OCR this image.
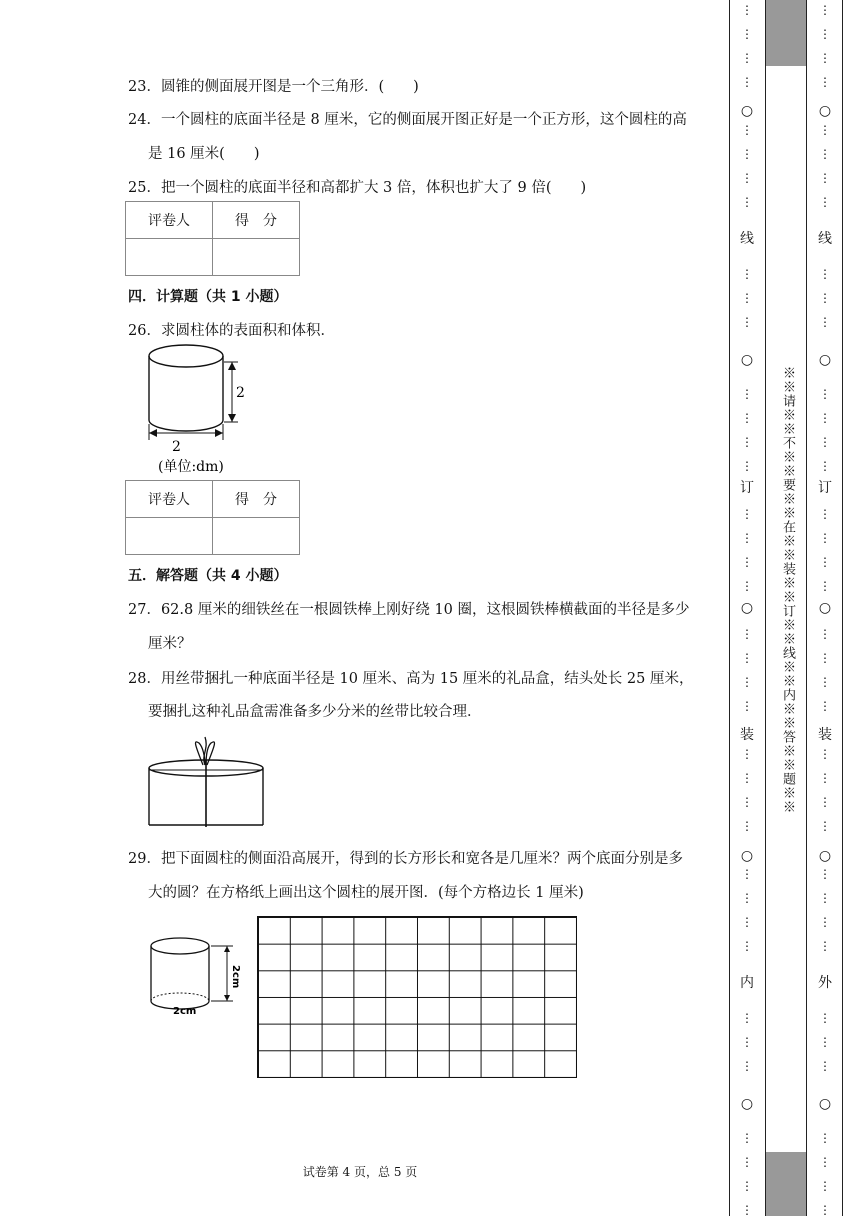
23．圆锥的侧面展开图是一个三角形．(　　)
24．一个圆柱的底面半径是 8 厘米，它的侧面展开图正好是一个正方形，这个圆柱的高
是 16 厘米(　　)
25．把一个圆柱的底面半径和高都扩大 3 倍，体积也扩大了 9 倍(　　)
评卷人	得　分

四．计算题（共 1 小题）
26．求圆柱体的表面积和体积．
2
2
(单位:dm)
评卷人	得　分

五．解答题（共 4 小题）
27．62.8 厘米的细铁丝在一根圆铁棒上刚好绕 10 圈，这根圆铁棒横截面的半径是多少
厘米？
28．用丝带捆扎一种底面半径是 10 厘米、高为 15 厘米的礼品盒，结头处长 25 厘米，
要捆扎这种礼品盒需准备多少分米的丝带比较合理．
29．把下面圆柱的侧面沿高展开，得到的长方形长和宽各是几厘米？两个底面分别是多
大的圆？在方格纸上画出这个圆柱的展开图．(每个方格边长 1 厘米)
2cm
2cm
试卷第 4 页，总 5 页
※※请※※不※※要※※在※※装※※订※※线※※内※※答※※题※※
○
线
○
订
○
装
○
内
○
○
线
○
订
○
装
○
外
○
⋮
⋮
⋮
⋮
⋮
⋮
⋮
⋮
⋮
⋮
⋮
⋮
⋮
⋮
⋮
⋮
⋮
⋮
⋮
⋮
⋮
⋮
⋮
⋮
⋮
⋮
⋮
⋮
⋮
⋮
⋮
⋮
⋮
⋮
⋮
⋮
⋮
⋮
⋮
⋮
⋮
⋮
⋮
⋮
⋮
⋮
⋮
⋮
⋮
⋮
⋮
⋮
⋮
⋮
⋮
⋮
⋮
⋮
⋮
⋮
⋮
⋮
⋮
⋮
⋮
⋮
⋮
⋮
⋮
⋮
⋮
⋮
⋮
⋮
⋮
⋮
